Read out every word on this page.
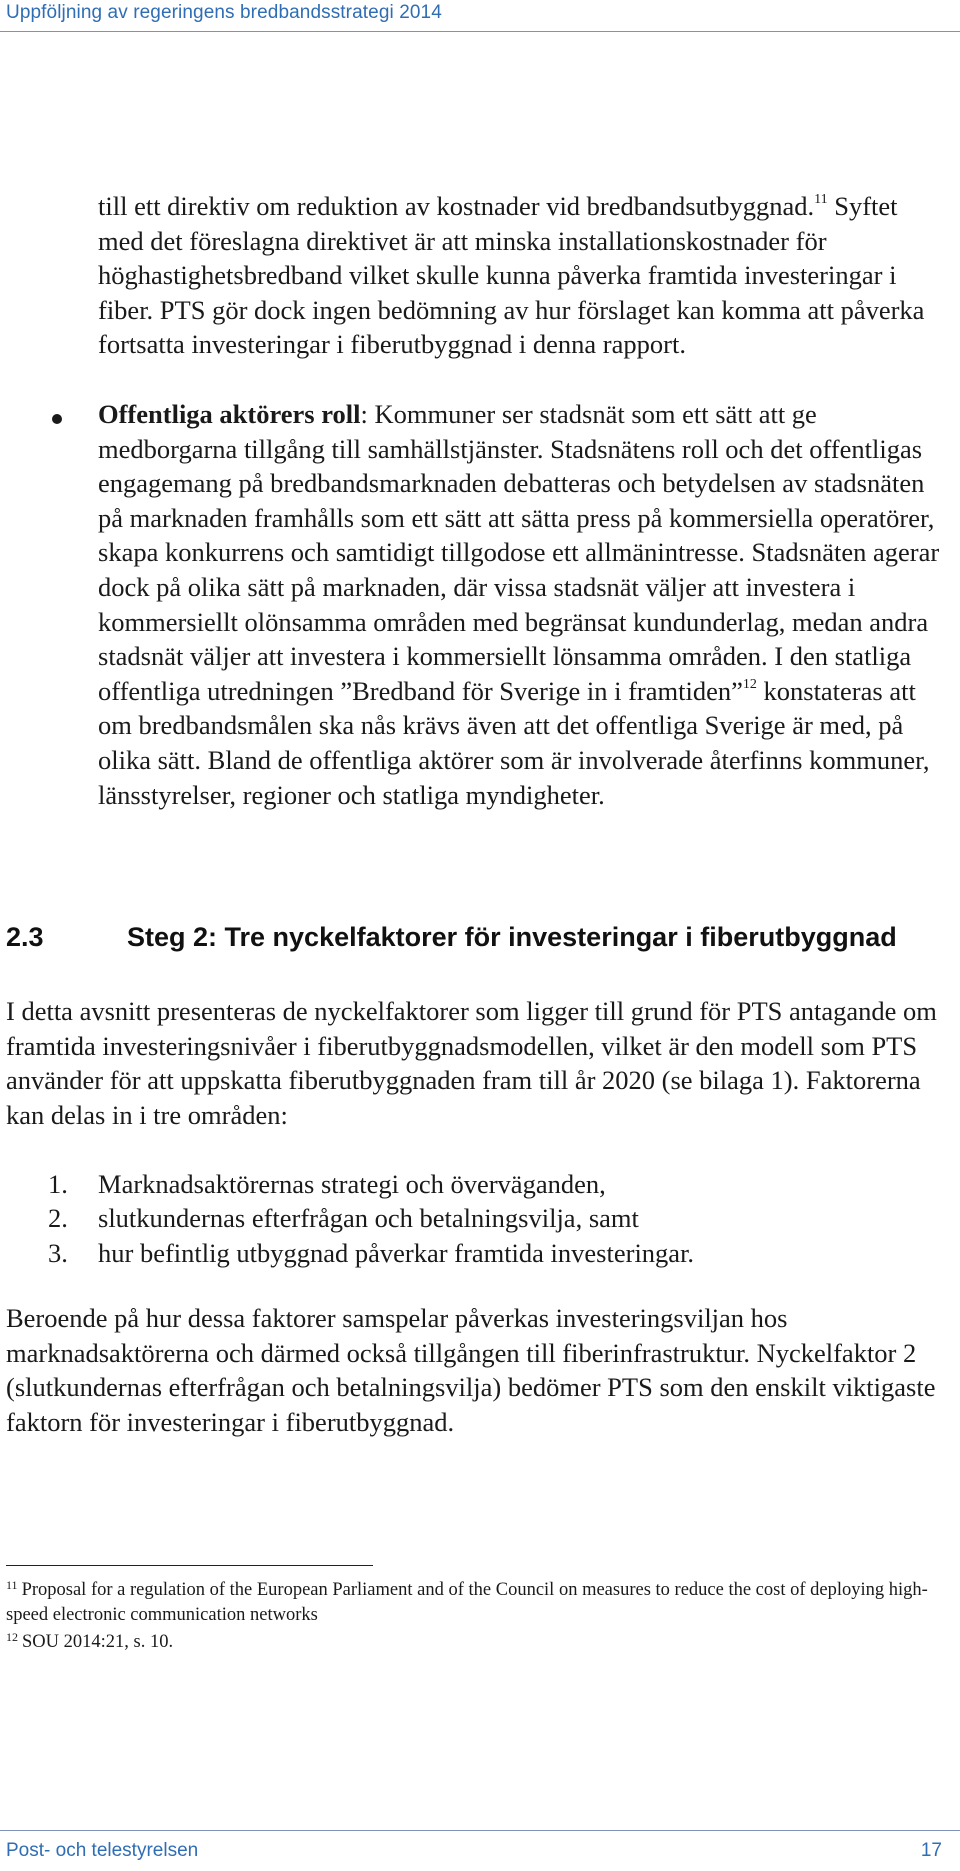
Uppföljning av regeringens bredbandsstrategi 2014
till ett direktiv om reduktion av kostnader vid bredbandsutbyggnad.$^{11}$ Syftet med det föreslagna direktivet är att minska installationskostnader för höghastighetsbredband vilket skulle kunna påverka framtida investeringar i fiber. PTS gör dock ingen bedömning av hur förslaget kan komma att påverka fortsatta investeringar i fiberutbyggnad i denna rapport.
Offentliga aktörers roll: Kommuner ser stadsnät som ett sätt att ge medborgarna tillgång till samhällstjänster. Stadsnätens roll och det offentligas engagemang på bredbandsmarknaden debatteras och betydelsen av stadsnäten på marknaden framhålls som ett sätt att sätta press på kommersiella operatörer, skapa konkurrens och samtidigt tillgodose ett allmänintresse. Stadsnäten agerar dock på olika sätt på marknaden, där vissa stadsnät väljer att investera i kommersiellt olönsamma områden med begränsat kundunderlag, medan andra stadsnät väljer att investera i kommersiellt lönsamma områden. I den statliga offentliga utredningen ”Bredband för Sverige in i framtiden”$^{12}$ konstateras att om bredbandsmålen ska nås krävs även att det offentliga Sverige är med, på olika sätt. Bland de offentliga aktörer som är involverade återfinns kommuner, länsstyrelser, regioner och statliga myndigheter.
2.3	Steg 2: Tre nyckelfaktorer för investeringar i fiberutbyggnad
I detta avsnitt presenteras de nyckelfaktorer som ligger till grund för PTS antagande om framtida investeringsnivåer i fiberutbyggnadsmodellen, vilket är den modell som PTS använder för att uppskatta fiberutbyggnaden fram till år 2020 (se bilaga 1). Faktorerna kan delas in i tre områden:
1. Marknadsaktörernas strategi och överväganden,
2. slutkundernas efterfrågan och betalningsvilja, samt
3. hur befintlig utbyggnad påverkar framtida investeringar.
Beroende på hur dessa faktorer samspelar påverkas investeringsviljan hos marknadsaktörerna och därmed också tillgången till fiberinfrastruktur. Nyckelfaktor 2 (slutkundernas efterfrågan och betalningsvilja) bedömer PTS som den enskilt viktigaste faktorn för investeringar i fiberutbyggnad.
$^{11}$ Proposal for a regulation of the European Parliament and of the Council on measures to reduce the cost of deploying high-speed electronic communication networks
$^{12}$ SOU 2014:21, s. 10.
Post- och telestyrelsen	17
